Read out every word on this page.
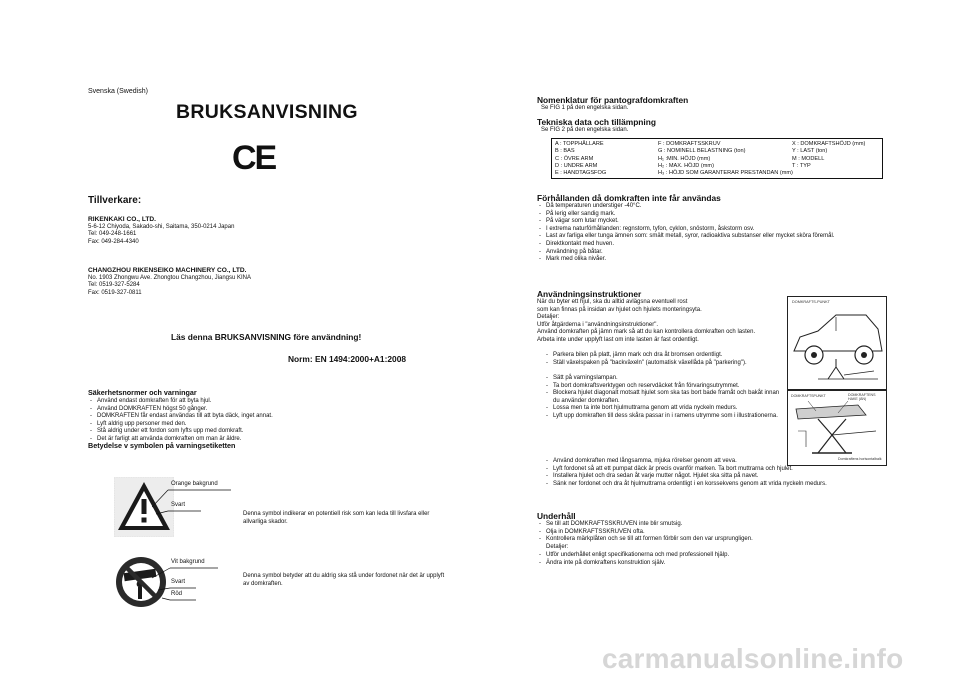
Svenska (Swedish)
BRUKSANVISNING
CE
Tillverkare:
RIKENKAKI CO., LTD.
5-6-12 Chiyoda, Sakado-shi, Saitama, 350-0214 Japan
Tel: 049-248-1661
Fax: 049-284-4340
CHANGZHOU RIKENSEIKO MACHINERY CO., LTD.
No. 1903 Zhongwu Ave. Zhongtou Changzhou, Jiangsu KINA
Tel: 0519-327-5284
Fax: 0519-327-0811
Läs denna BRUKSANVISNING före användning!
Norm: EN 1494:2000+A1:2008
Säkerhetsnormer och varningar
- Använd endast domkraften för att byta hjul.
- Använd DOMKRAFTEN högst 50 gånger.
- DOMKRAFTEN får endast användas till att byta däck, inget annat.
- Lyft aldrig upp personer med den.
- Stå aldrig under ett fordon som lyfts upp med domkraft.
- Det är farligt att använda domkraften om man är äldre.
Betydelse v symbolen på varningsetiketten
Orange bakgrund
Svart
Denna symbol indikerar en potentiell risk som kan leda till livsfara eller allvarliga skador.
Vit bakgrund
Svart
Röd
Denna symbol betyder att du aldrig ska stå under fordonet när det är upplyft av domkraften.
Nomenklatur för pantografdomkraften
Se FIG 1 på den engelska sidan.
Tekniska data och tillämpning
Se FIG 2 på den engelska sidan.
A : TOPPHÅLLARE	F : DOMKRAFTSSKRUV	X : DOMKRAFTSHÖJD (mm)
B : BAS	G : NOMINELL BELASTNING (ton)	Y : LAST (ton)
C : ÖVRE ARM	H₁ :MIN. HÖJD (mm)	M : MODELL
D : UNDRE ARM	H₂ : MAX. HÖJD (mm)	T : TYP
E : HANDTAGSFOG	H₃ : HÖJD SOM GARANTERAR PRESTANDAN (mm)	
Förhållanden då domkraften inte får användas
- Då temperaturen understiger -40°C.
- På lerig eller sandig mark.
- På vägar som lutar mycket.
- I extrema naturförhållanden: regnstorm, tyfon, cyklon, snöstorm, åskstorm osv.
- Last av farliga eller tunga ämnen som: smält metall, syror, radioaktiva substanser eller mycket sköra föremål.
- Direktkontakt med huven.
- Användning på båtar.
- Mark med olika nivåer.
Användningsinstruktioner

När du byter ett hjul, ska du alltid avlägsna eventuell rost

som kan finnas på insidan av hjulet och hjulets monteringsyta.

Detaljer:

Utför åtgärderna i "användningsinstruktioner".

Använd domkraften på jämn mark så att du kan kontrollera domkraften och lasten.

Arbeta inte under upplyft last om inte lasten är fast ordentligt.

- Parkera bilen på platt, jämn mark och dra åt bromsen ordentligt.
- Ställ växelspaken på "backväxeln" (automatisk växellåda på "parkering").
- Sätt på varningslampan.
- Ta bort domkraftsverktygen och reservdäcket från förvaringsutrymmet.
- Blockera hjulet diagonalt motsatt hjulet som ska tas bort bade framåt och bakåt innan du använder domkraften.
- Lossa men ta inte bort hjulmuttrarna genom att vrida nyckeln medurs.
- Lyft upp domkraften till dess skåra passar in i ramens utrymme som i illustrationerna.
- Använd domkraften med långsamma, mjuka rörelser genom att veva.
- Lyft fordonet så att ett pumpat däck är precis ovanför marken. Ta bort muttrarna och hjulet.
- Installera hjulet och dra sedan åt varje mutter något. Hjulet ska sitta på navet.
- Sänk ner fordonet och dra åt hjulmuttrarna ordentligt i en korssekvens genom att vrida nyckeln medurs.
DOMKRAFTS-PUNKT
DOMKRAFTSPUNKT	DOMKRAFTENS HAKE (ÄN)
Domkraftens horisontalbalk
Underhåll
- Se till att DOMKRAFTSSKRUVEN inte blir smutsig.
- Olja in DOMKRAFTSSKRUVEN ofta.
- Kontrollera märkplåten och se till att formen förblir som den var ursprungligen.
Detaljer:
- Utför underhållet enligt specifikationerna och med professionell hjälp.
- Ändra inte på domkraftens konstruktion själv.
carmanualsonline.info
